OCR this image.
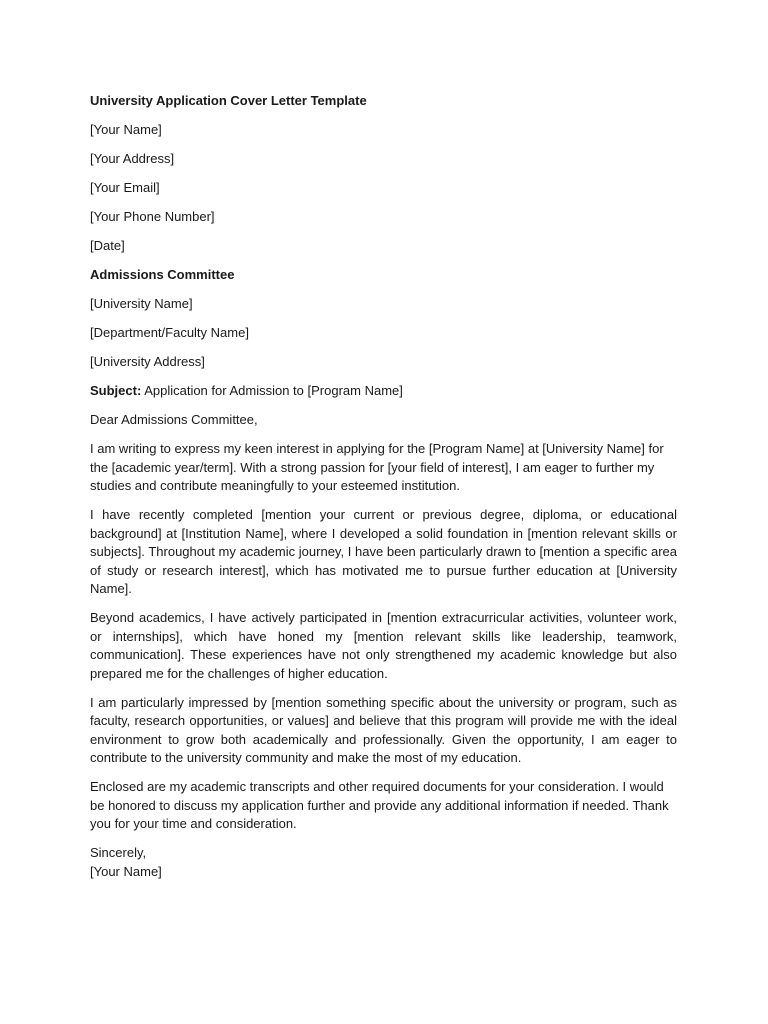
University Application Cover Letter Template

[Your Name]

[Your Address]

[Your Email]

[Your Phone Number]

[Date]

Admissions Committee

[University Name]

[Department/Faculty Name]

[University Address]

Subject: Application for Admission to [Program Name]

Dear Admissions Committee,

I am writing to express my keen interest in applying for the [Program Name] at [University Name] for the [academic year/term]. With a strong passion for [your field of interest], I am eager to further my studies and contribute meaningfully to your esteemed institution.

I have recently completed [mention your current or previous degree, diploma, or educational background] at [Institution Name], where I developed a solid foundation in [mention relevant skills or subjects]. Throughout my academic journey, I have been particularly drawn to [mention a specific area of study or research interest], which has motivated me to pursue further education at [University Name].

Beyond academics, I have actively participated in [mention extracurricular activities, volunteer work, or internships], which have honed my [mention relevant skills like leadership, teamwork, communication]. These experiences have not only strengthened my academic knowledge but also prepared me for the challenges of higher education.

I am particularly impressed by [mention something specific about the university or program, such as faculty, research opportunities, or values] and believe that this program will provide me with the ideal environment to grow both academically and professionally. Given the opportunity, I am eager to contribute to the university community and make the most of my education.

Enclosed are my academic transcripts and other required documents for your consideration. I would be honored to discuss my application further and provide any additional information if needed. Thank you for your time and consideration.

Sincerely,

[Your Name]
